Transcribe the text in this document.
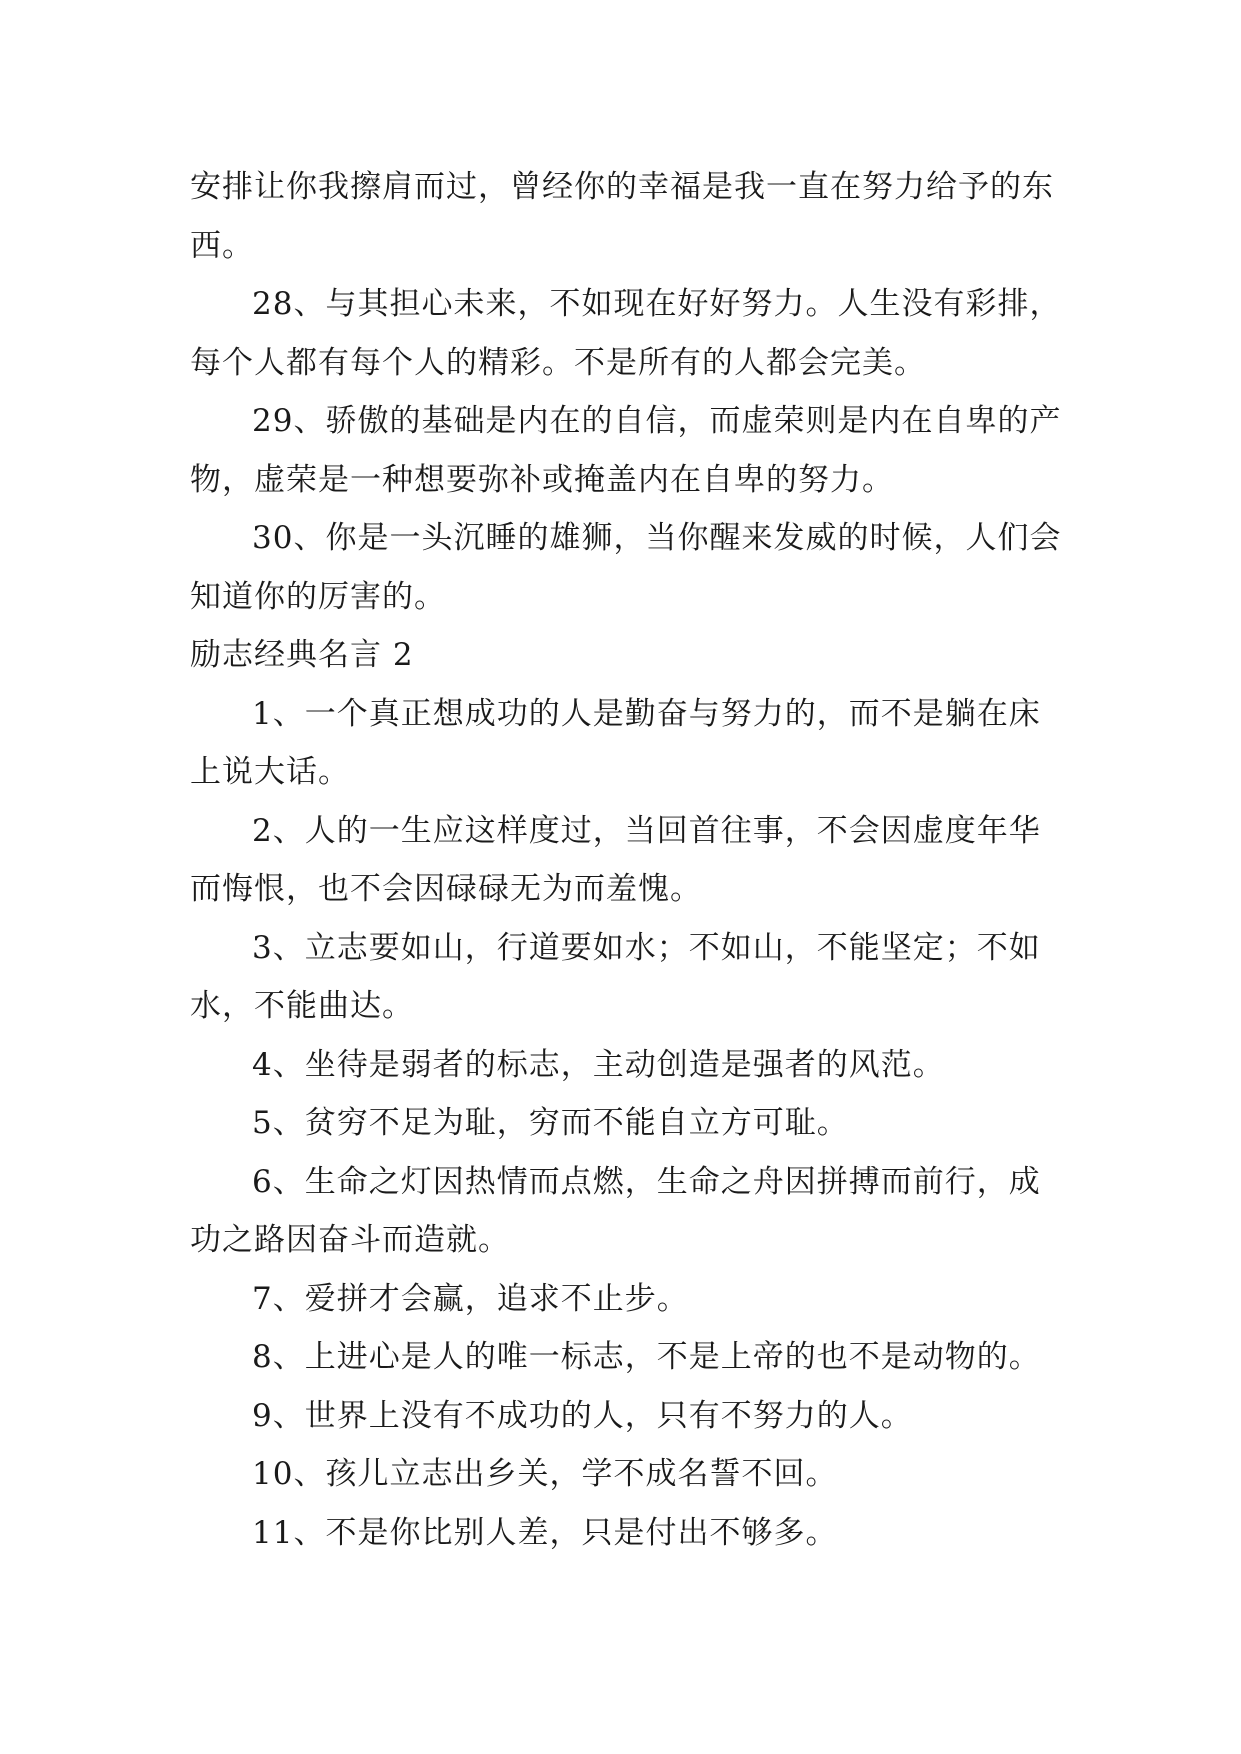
安排让你我擦肩而过，曾经你的幸福是我一直在努力给予的东西。

28、与其担心未来，不如现在好好努力。人生没有彩排，每个人都有每个人的精彩。不是所有的人都会完美。

29、骄傲的基础是内在的自信，而虚荣则是内在自卑的产物，虚荣是一种想要弥补或掩盖内在自卑的努力。

30、你是一头沉睡的雄狮，当你醒来发威的时候，人们会知道你的厉害的。

励志经典名言 2

1、一个真正想成功的人是勤奋与努力的，而不是躺在床上说大话。

2、人的一生应这样度过，当回首往事，不会因虚度年华而悔恨，也不会因碌碌无为而羞愧。

3、立志要如山，行道要如水；不如山，不能坚定；不如水，不能曲达。

4、坐待是弱者的标志，主动创造是强者的风范。

5、贫穷不足为耻，穷而不能自立方可耻。

6、生命之灯因热情而点燃，生命之舟因拼搏而前行，成功之路因奋斗而造就。

7、爱拼才会赢，追求不止步。

8、上进心是人的唯一标志，不是上帝的也不是动物的。

9、世界上没有不成功的人，只有不努力的人。

10、孩儿立志出乡关，学不成名誓不回。

11、不是你比别人差，只是付出不够多。
